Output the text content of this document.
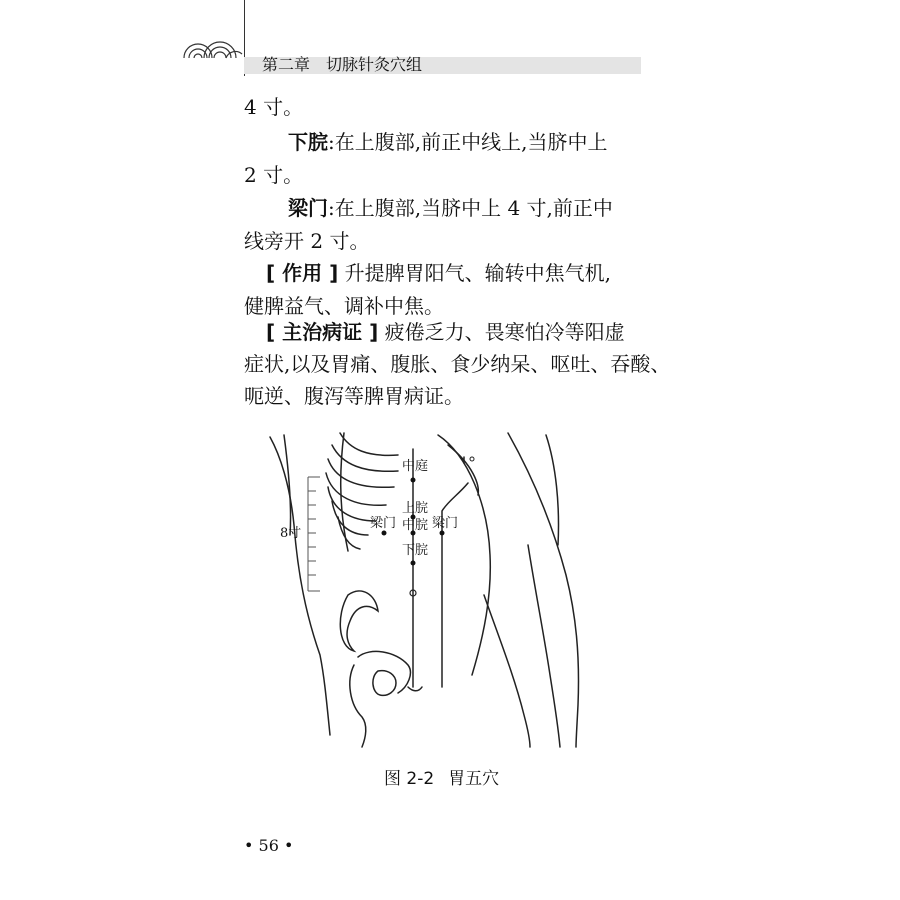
第二章　 切脉针灸穴组
4 寸。
下脘:在上腹部,前正中线上,当脐中上
2 寸。
梁门:在上腹部,当脐中上 4 寸,前正中
线旁开 2 寸。
[ 作用 ] 升提脾胃阳气、输转中焦气机,
健脾益气、调补中焦。
[ 主治病证 ] 疲倦乏力、畏寒怕冷等阳虚
症状,以及胃痛、腹胀、食少纳呆、呕吐、吞酸、
呃逆、腹泻等脾胃病证。
中庭
上脘
中脘
下脘
梁门	梁门
8寸
图 2-2 胃五穴
• 56 •
